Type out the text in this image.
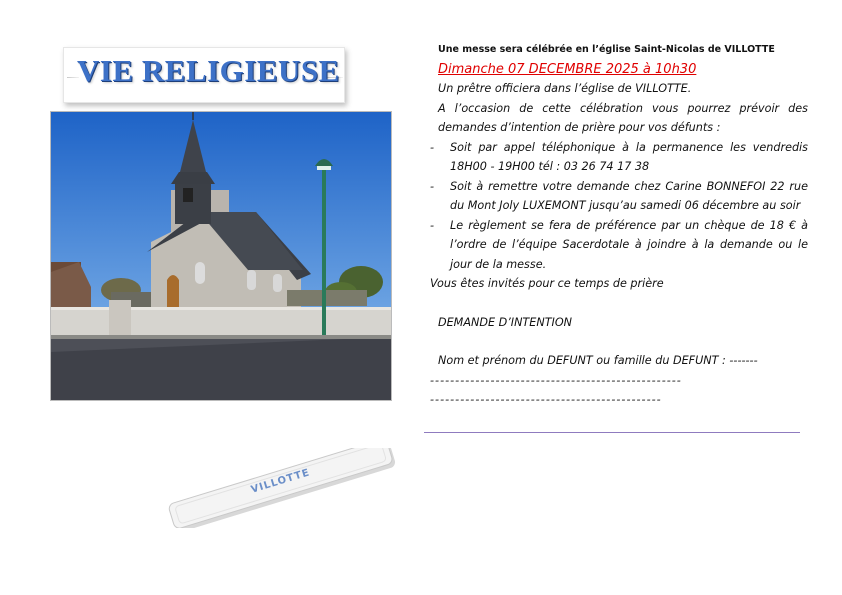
VIE RELIGIEUSE

Une messe sera célébrée en l’église Saint-Nicolas de VILLOTTE

Dimanche 07 DECEMBRE 2025 à 10h30

Un prêtre officiera dans l’église de VILLOTTE.

A l’occasion de cette célébration vous pourrez prévoir des demandes d’intention de prière pour vos défunts :

- Soit par appel téléphonique à la permanence les vendredis 18H00 - 19H00 tél : 03 26 74 17 38
- Soit à remettre votre demande chez Carine BONNEFOI 22 rue du Mont Joly LUXEMONT jusqu’au samedi 06 décembre au soir
- Le règlement se fera de préférence par un chèque de 18 € à l’ordre de l’équipe Sacerdotale à joindre à la demande ou le jour de la messe.

Vous êtes invités pour ce temps de prière

DEMANDE D’INTENTION

Nom et prénom du DEFUNT ou famille du DEFUNT : -------

--------------------------------------------------

----------------------------------------------

VILLOTTE
